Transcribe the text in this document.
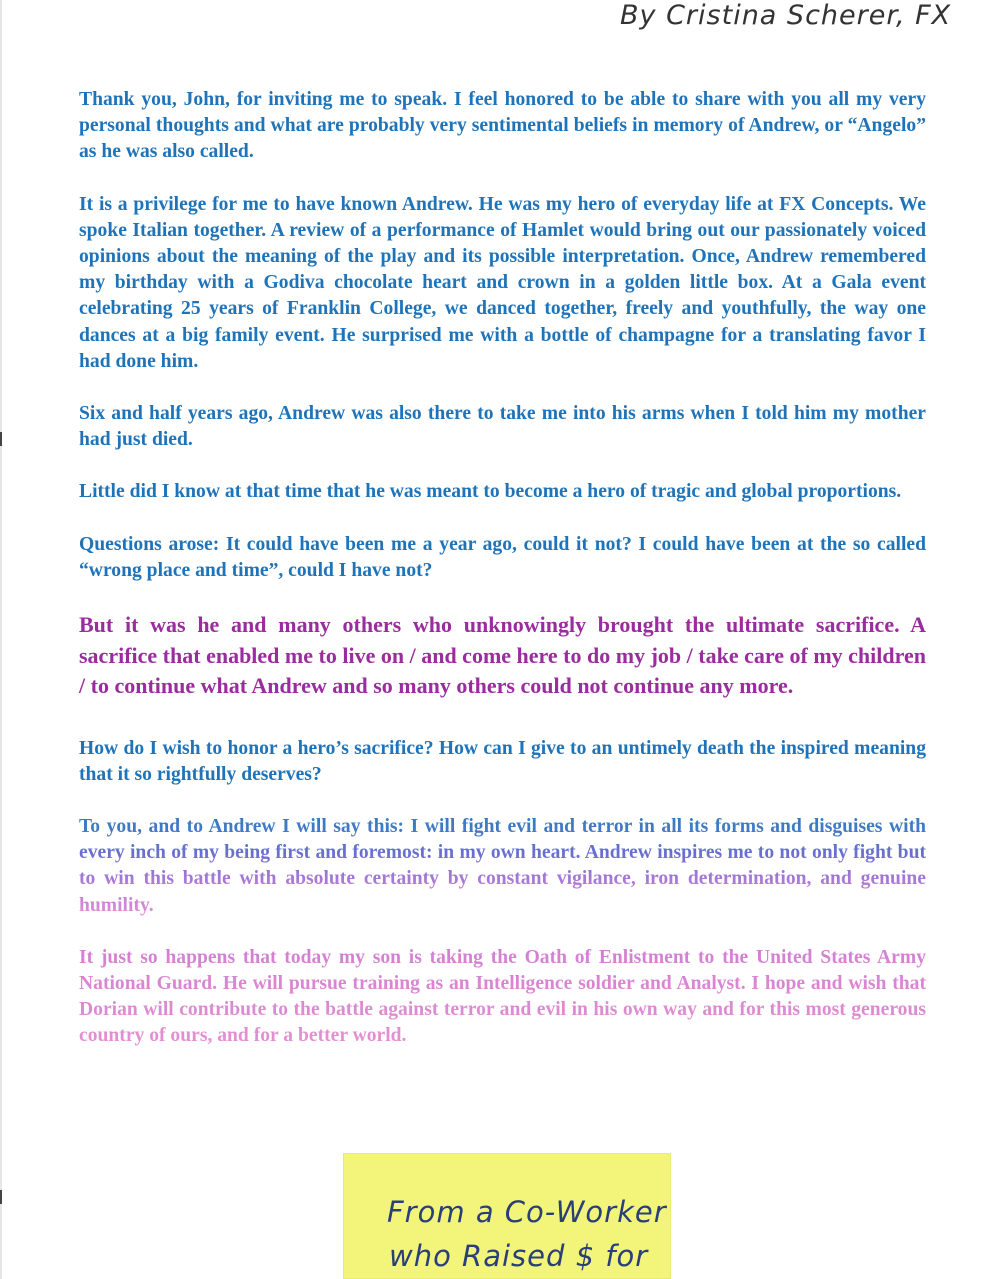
By Cristina Scherer, FX

Thank you, John, for inviting me to speak. I feel honored to be able to share with you all my very personal thoughts and what are probably very sentimental beliefs in memory of Andrew, or “Angelo” as he was also called.

It is a privilege for me to have known Andrew. He was my hero of everyday life at FX Concepts. We spoke Italian together. A review of a performance of Hamlet would bring out our passionately voiced opinions about the meaning of the play and its possible interpretation. Once, Andrew remembered my birthday with a Godiva chocolate heart and crown in a golden little box. At a Gala event celebrating 25 years of Franklin College, we danced together, freely and youthfully, the way one dances at a big family event. He surprised me with a bottle of champagne for a translating favor I had done him.

Six and half years ago, Andrew was also there to take me into his arms when I told him my mother had just died.

Little did I know at that time that he was meant to become a hero of tragic and global proportions.

Questions arose: It could have been me a year ago, could it not? I could have been at the so called “wrong place and time”, could I have not?

But it was he and many others who unknowingly brought the ultimate sacrifice. A sacrifice that enabled me to live on / and come here to do my job / take care of my children / to continue what Andrew and so many others could not continue any more.

How do I wish to honor a hero’s sacrifice? How can I give to an untimely death the inspired meaning that it so rightfully deserves?

To you, and to Andrew I will say this: I will fight evil and terror in all its forms and disguises with every inch of my being first and foremost: in my own heart. Andrew inspires me to not only fight but to win this battle with absolute certainty by constant vigilance, iron determination, and genuine humility.

It just so happens that today my son is taking the Oath of Enlistment to the United States Army National Guard. He will pursue training as an Intelligence soldier and Analyst. I hope and wish that Dorian will contribute to the battle against terror and evil in his own way and for this most generous country of ours, and for a better world.

From a Co-Worker
who Raised $ for
